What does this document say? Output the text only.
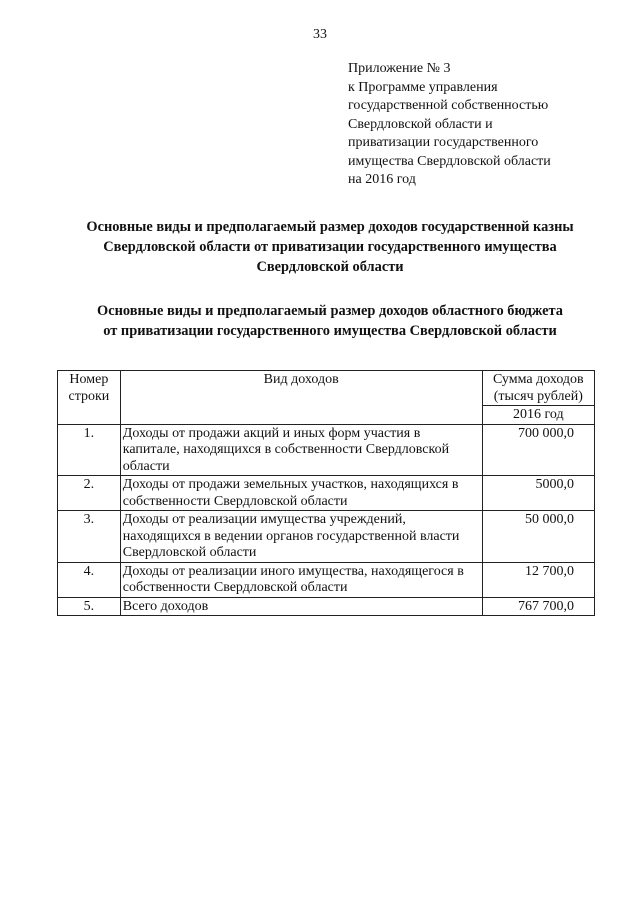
33
Приложение № 3
к Программе управления
государственной собственностью
Свердловской области и
приватизации государственного
имущества Свердловской области
на 2016 год
Основные виды и предполагаемый размер доходов государственной казны
Свердловской области от приватизации государственного имущества
Свердловской области
Основные виды и предполагаемый размер доходов областного бюджета
от приватизации государственного имущества Свердловской области
Номер строки	Вид доходов	Сумма доходов (тысяч рублей)
		2016 год
1.	Доходы от продажи акций и иных форм участия в капитале, находящихся в собственности Свердловской области	700 000,0
2.	Доходы от продажи земельных участков, находящихся в собственности Свердловской области	5000,0
3.	Доходы от реализации имущества учреждений, находящихся в ведении органов государственной власти Свердловской области	50 000,0
4.	Доходы от реализации иного имущества, находящегося в собственности Свердловской области	12 700,0
5.	Всего доходов	767 700,0
